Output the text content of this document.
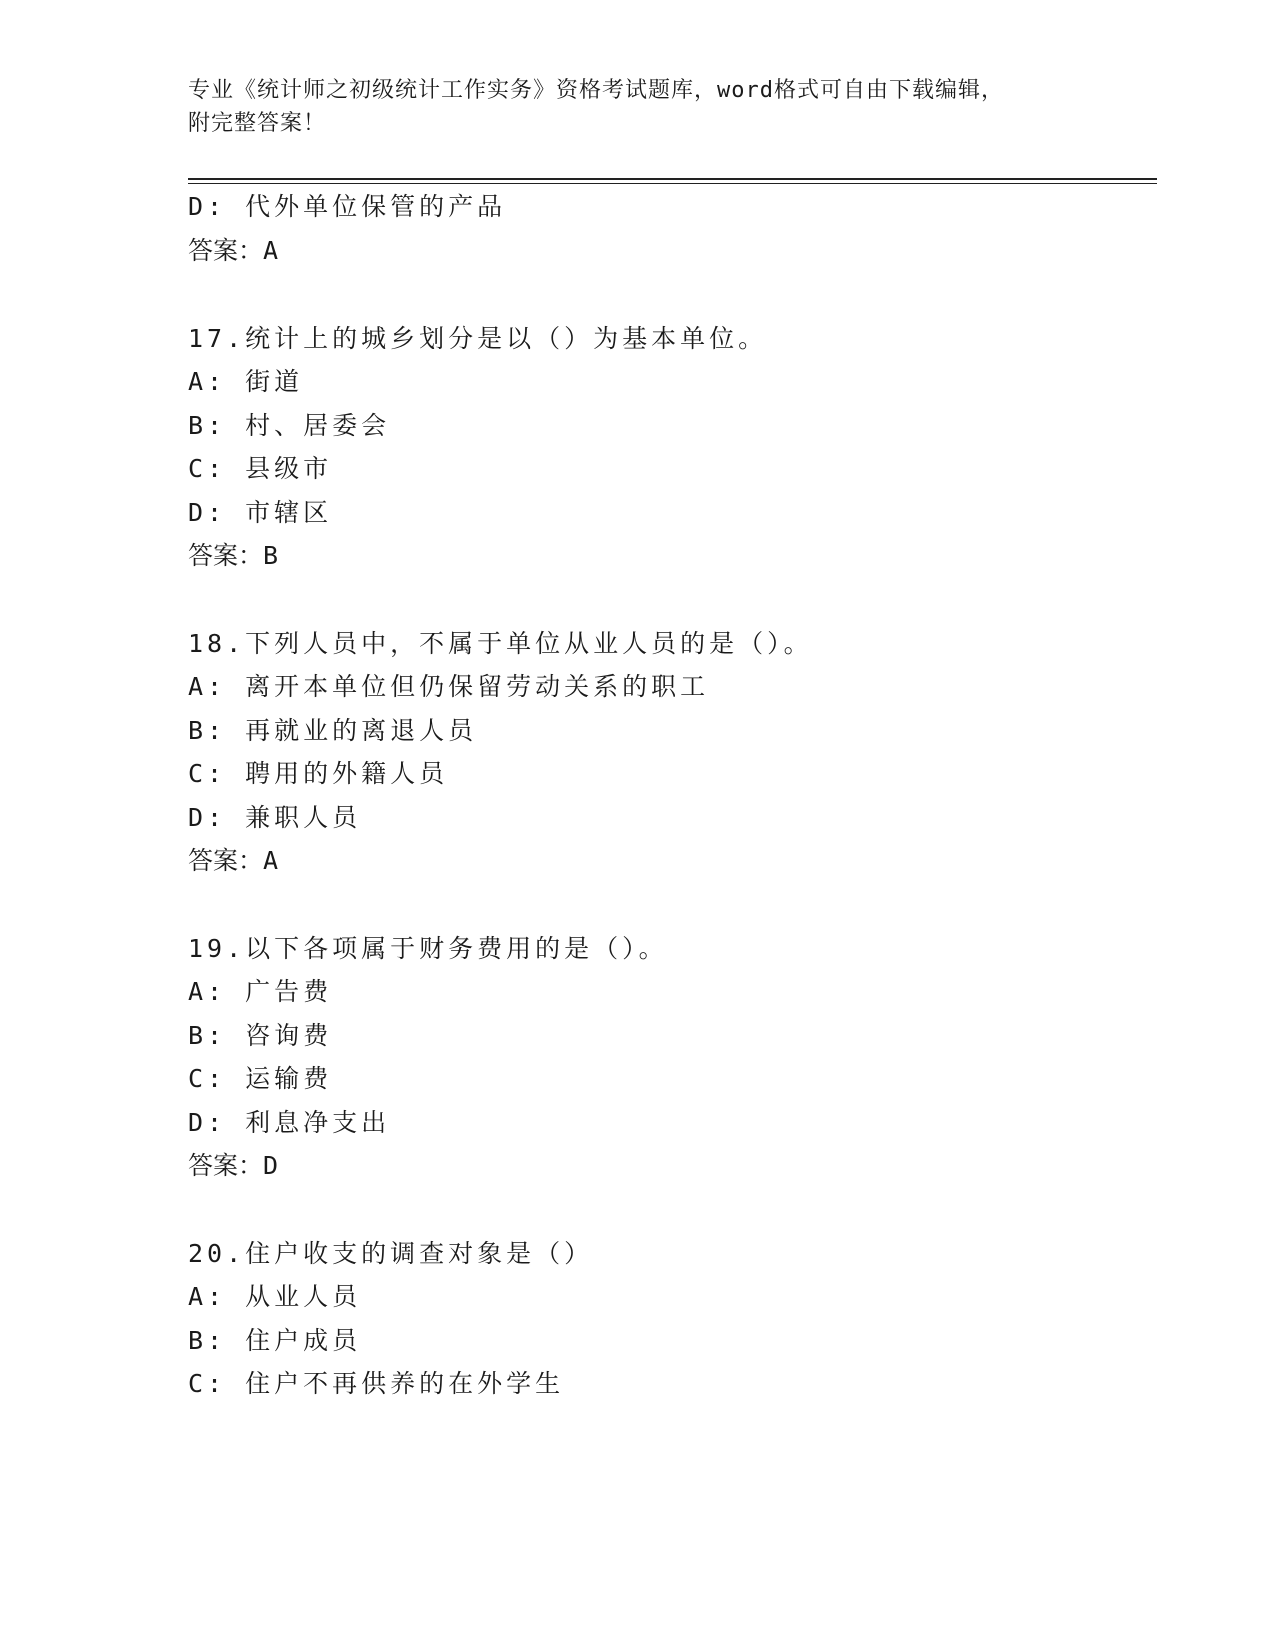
专业《统计师之初级统计工作实务》资格考试题库，word格式可自由下载编辑，
附完整答案！
D: 代外单位保管的产品
答案：A
17.统计上的城乡划分是以（）为基本单位。
A: 街道
B: 村、居委会
C: 县级市
D: 市辖区
答案：B
18.下列人员中，不属于单位从业人员的是（）。
A: 离开本单位但仍保留劳动关系的职工
B: 再就业的离退人员
C: 聘用的外籍人员
D: 兼职人员
答案：A
19.以下各项属于财务费用的是（）。
A: 广告费
B: 咨询费
C: 运输费
D: 利息净支出
答案：D
20.住户收支的调查对象是（）
A: 从业人员
B: 住户成员
C: 住户不再供养的在外学生
